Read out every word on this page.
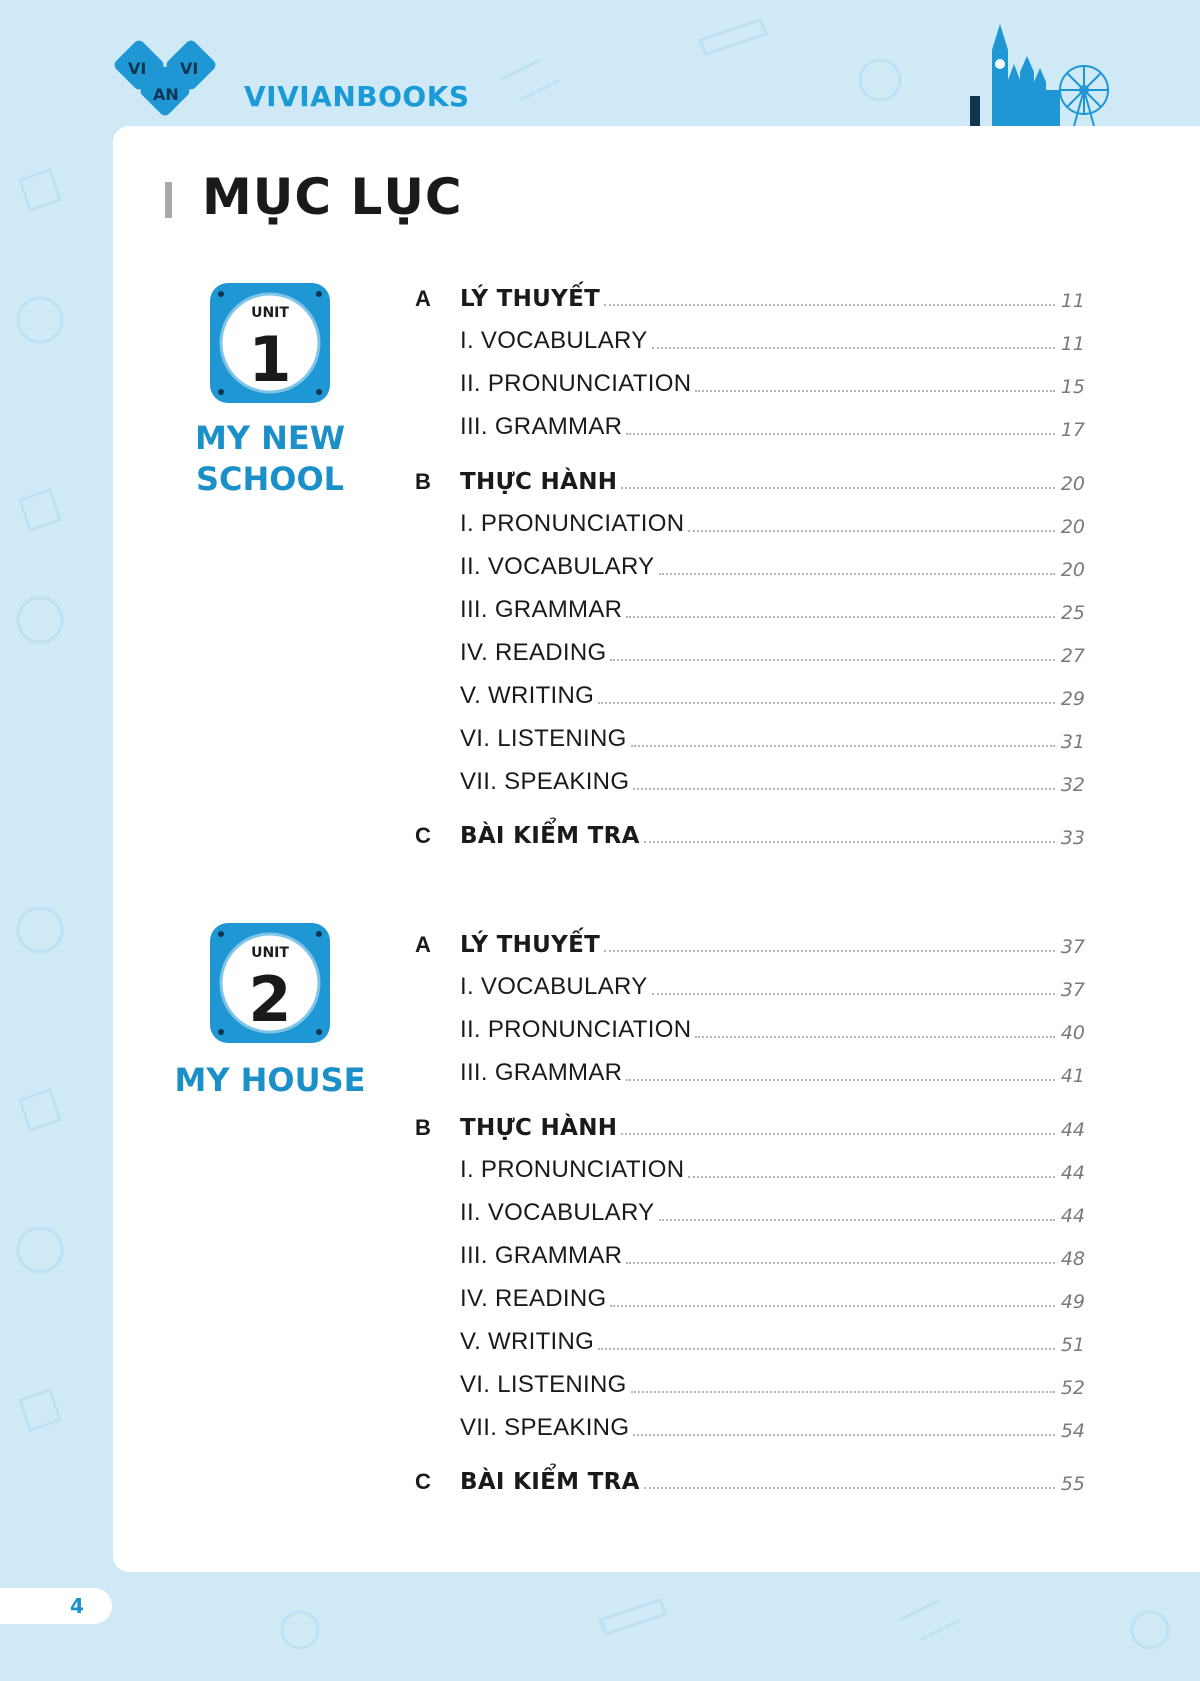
VI VI
AN VIVIANBOOKS
MỤC LỤC
UNIT
1
MY NEW
SCHOOL
UNIT
2
MY HOUSE
A	LÝ THUYẾT	11
I. VOCABULARY	11
II. PRONUNCIATION	15
III. GRAMMAR	17
B	THỰC HÀNH	20
I. PRONUNCIATION	20
II. VOCABULARY	20
III. GRAMMAR	25
IV. READING	27
V. WRITING	29
VI. LISTENING	31
VII. SPEAKING	32
C	BÀI KIỂM TRA	33
A	LÝ THUYẾT	37
I. VOCABULARY	37
II. PRONUNCIATION	40
III. GRAMMAR	41
B	THỰC HÀNH	44
I. PRONUNCIATION	44
II. VOCABULARY	44
III. GRAMMAR	48
IV. READING	49
V. WRITING	51
VI. LISTENING	52
VII. SPEAKING	54
C	BÀI KIỂM TRA	55
4
